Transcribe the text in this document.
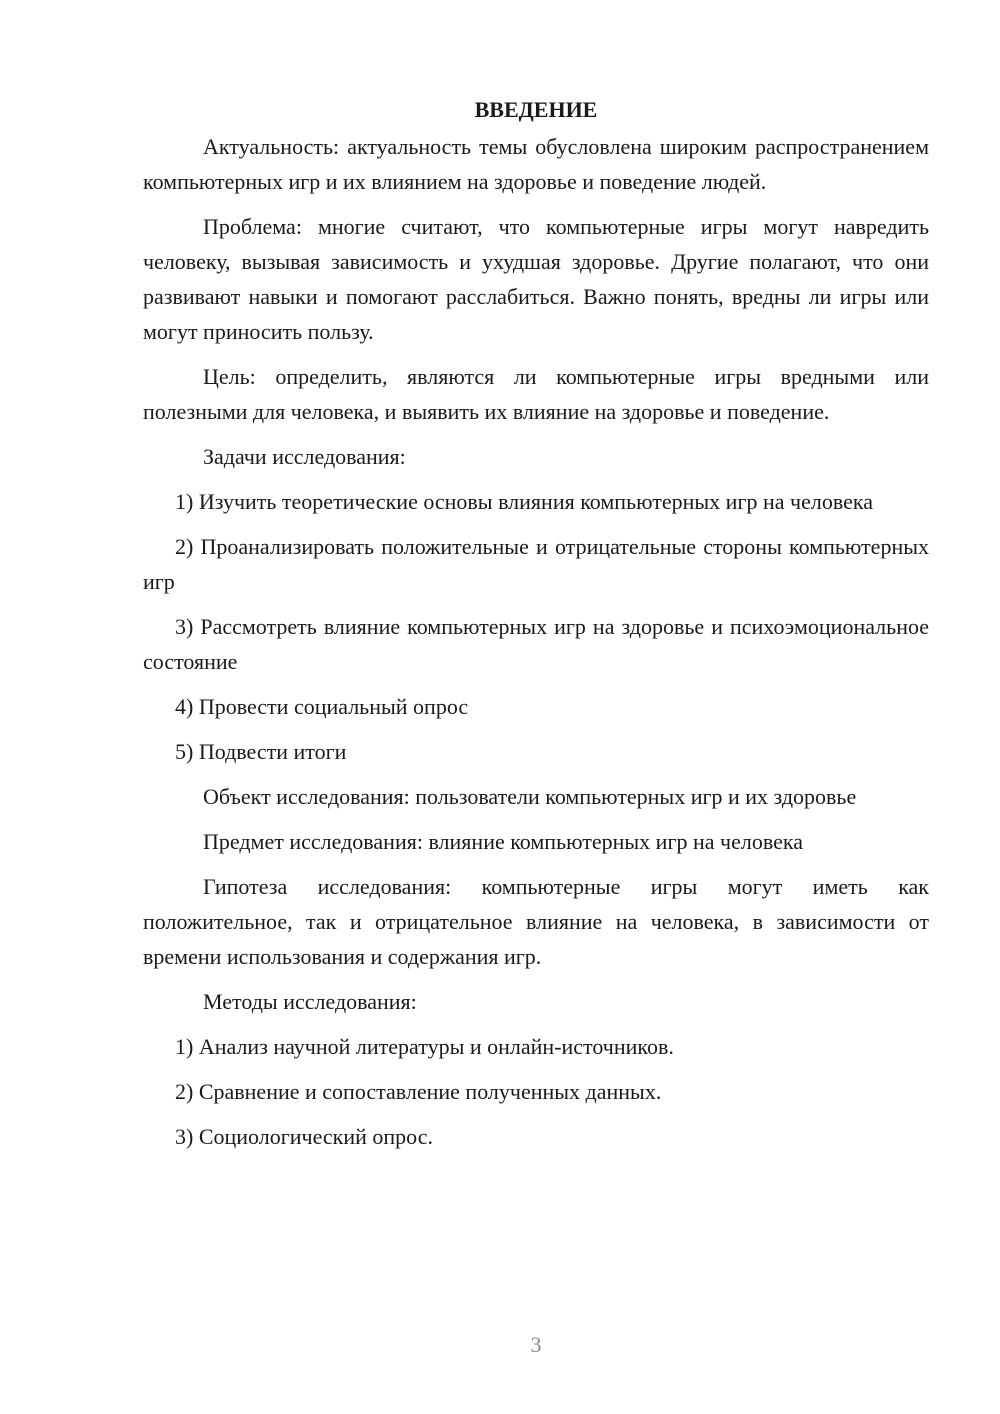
ВВЕДЕНИЕ

Актуальность: актуальность темы обусловлена широким распространением компьютерных игр и их влиянием на здоровье и поведение людей.

Проблема: многие считают, что компьютерные игры могут навредить человеку, вызывая зависимость и ухудшая здоровье. Другие полагают, что они развивают навыки и помогают расслабиться. Важно понять, вредны ли игры или могут приносить пользу.

Цель: определить, являются ли компьютерные игры вредными или полезными для человека, и выявить их влияние на здоровье и поведение.

Задачи исследования:

1) Изучить теоретические основы влияния компьютерных игр на человека

2) Проанализировать положительные и отрицательные стороны компьютерных игр

3) Рассмотреть влияние компьютерных игр на здоровье и психоэмоциональное состояние

4) Провести социальный опрос

5) Подвести итоги

Объект исследования: пользователи компьютерных игр и их здоровье

Предмет исследования: влияние компьютерных игр на человека

Гипотеза исследования: компьютерные игры могут иметь как положительное, так и отрицательное влияние на человека, в зависимости от времени использования и содержания игр.

Методы исследования:

1) Анализ научной литературы и онлайн-источников.

2) Сравнение и сопоставление полученных данных.

3) Социологический опрос.

3
